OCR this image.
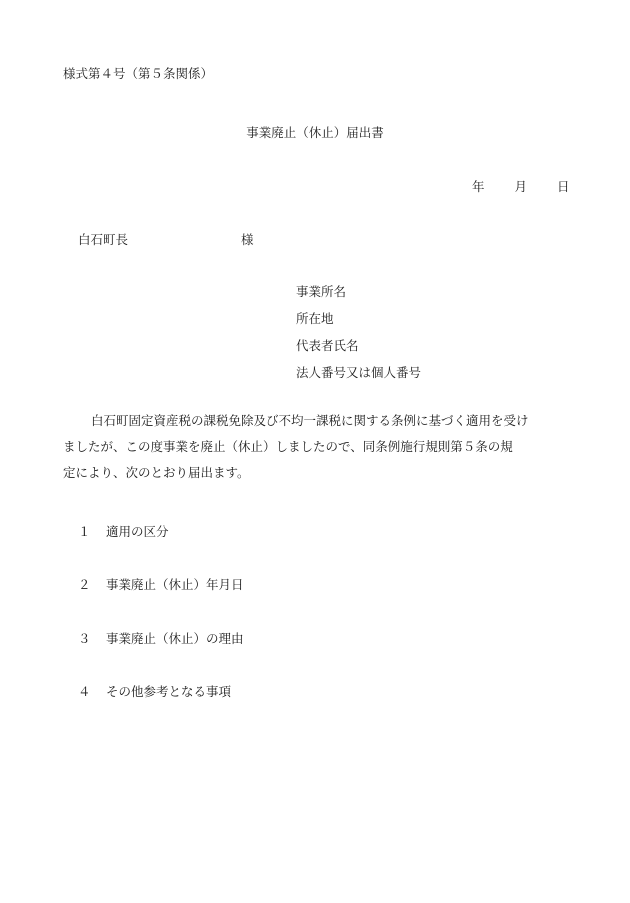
様式第４号（第５条関係）
事業廃止（休止）届出書
年 月 日
白石町長	様
事業所名
所在地
代表者氏名
法人番号又は個人番号
白石町固定資産税の課税免除及び不均一課税に関する条例に基づく適用を受け
ましたが、この度事業を廃止（休止）しましたので、同条例施行規則第５条の規
定により、次のとおり届出ます。
１ 適用の区分
２ 事業廃止（休止）年月日
３ 事業廃止（休止）の理由
４ その他参考となる事項
